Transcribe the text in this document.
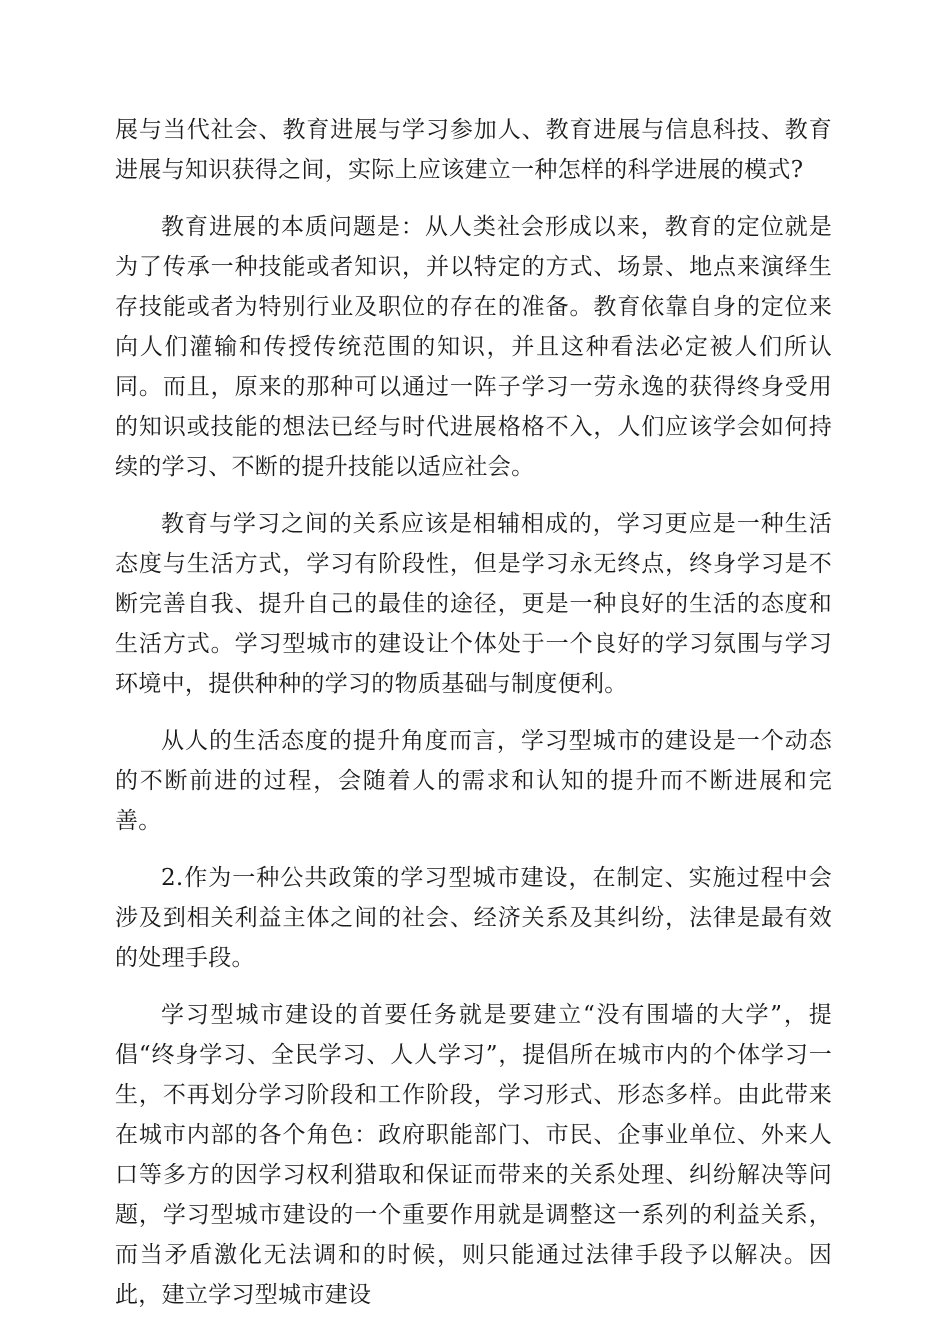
展与当代社会、教育进展与学习参加人、教育进展与信息科技、教育进展与知识获得之间，实际上应该建立一种怎样的科学进展的模式?

教育进展的本质问题是：从人类社会形成以来，教育的定位就是为了传承一种技能或者知识，并以特定的方式、场景、地点来演绎生存技能或者为特别行业及职位的存在的准备。教育依靠自身的定位来向人们灌输和传授传统范围的知识，并且这种看法必定被人们所认同。而且，原来的那种可以通过一阵子学习一劳永逸的获得终身受用的知识或技能的想法已经与时代进展格格不入，人们应该学会如何持续的学习、不断的提升技能以适应社会。

教育与学习之间的关系应该是相辅相成的，学习更应是一种生活态度与生活方式，学习有阶段性，但是学习永无终点，终身学习是不断完善自我、提升自己的最佳的途径，更是一种良好的生活的态度和生活方式。学习型城市的建设让个体处于一个良好的学习氛围与学习环境中，提供种种的学习的物质基础与制度便利。

从人的生活态度的提升角度而言，学习型城市的建设是一个动态的不断前进的过程，会随着人的需求和认知的提升而不断进展和完善。

2.作为一种公共政策的学习型城市建设，在制定、实施过程中会涉及到相关利益主体之间的社会、经济关系及其纠纷，法律是最有效的处理手段。

学习型城市建设的首要任务就是要建立“没有围墙的大学”，提倡“终身学习、全民学习、人人学习”，提倡所在城市内的个体学习一生，不再划分学习阶段和工作阶段，学习形式、形态多样。由此带来在城市内部的各个角色：政府职能部门、市民、企事业单位、外来人口等多方的因学习权利猎取和保证而带来的关系处理、纠纷解决等问题，学习型城市建设的一个重要作用就是调整这一系列的利益关系，而当矛盾激化无法调和的时候，则只能通过法律手段予以解决。因此，建立学习型城市建设
